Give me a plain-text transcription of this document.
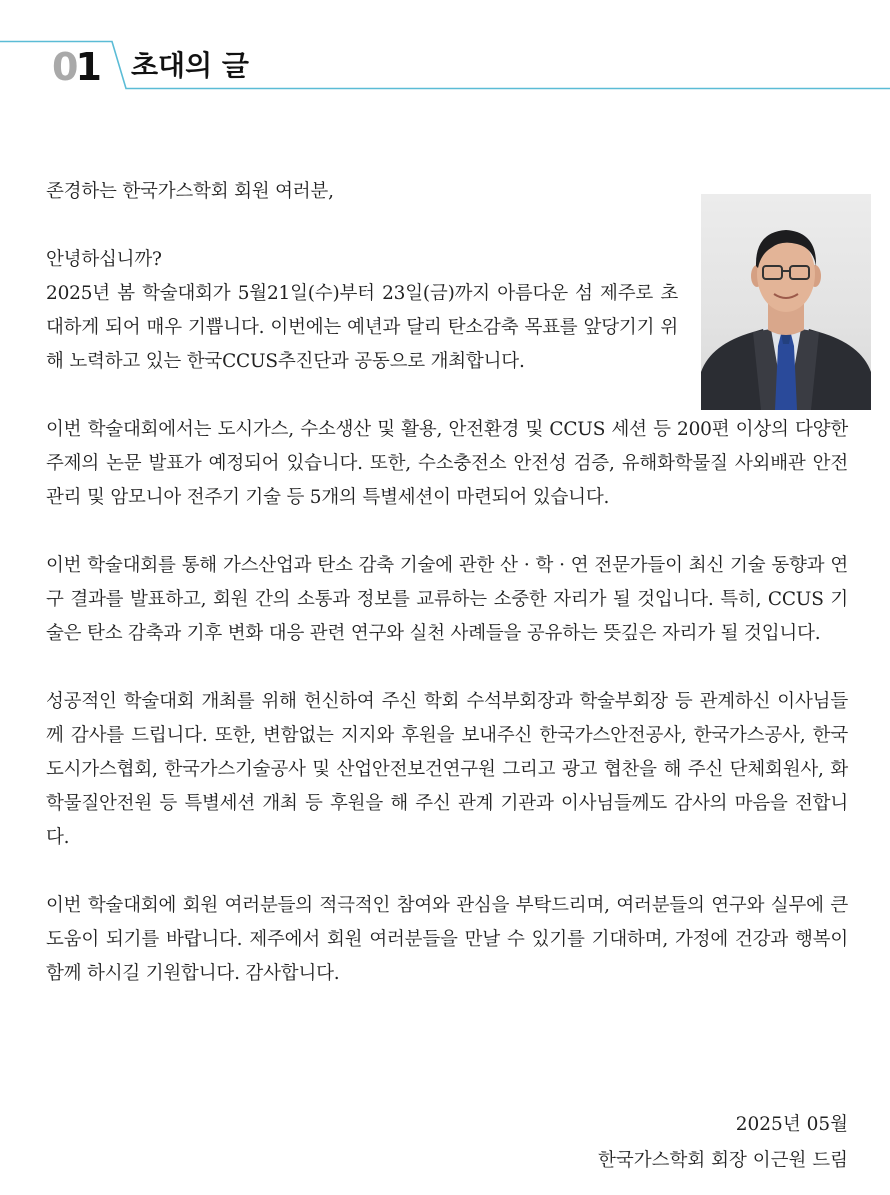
01 초대의 글

존경하는 한국가스학회 회원 여러분,

안녕하십니까?

2025년 봄 학술대회가 5월21일(수)부터 23일(금)까지 아름다운 섬 제주로 초대하게 되어 매우 기쁩니다. 이번에는 예년과 달리 탄소감축 목표를 앞당기기 위해 노력하고 있는 한국CCUS추진단과 공동으로 개최합니다.

이번 학술대회에서는 도시가스, 수소생산 및 활용, 안전환경 및 CCUS 세션 등 200편 이상의 다양한 주제의 논문 발표가 예정되어 있습니다. 또한, 수소충전소 안전성 검증, 유해화학물질 사외배관 안전관리 및 암모니아 전주기 기술 등 5개의 특별세션이 마련되어 있습니다.

이번 학술대회를 통해 가스산업과 탄소 감축 기술에 관한 산 · 학 · 연 전문가들이 최신 기술 동향과 연구 결과를 발표하고, 회원 간의 소통과 정보를 교류하는 소중한 자리가 될 것입니다. 특히, CCUS 기술은 탄소 감축과 기후 변화 대응 관련 연구와 실천 사례들을 공유하는 뜻깊은 자리가 될 것입니다.

성공적인 학술대회 개최를 위해 헌신하여 주신 학회 수석부회장과 학술부회장 등 관계하신 이사님들께 감사를 드립니다. 또한, 변함없는 지지와 후원을 보내주신 한국가스안전공사, 한국가스공사, 한국도시가스협회, 한국가스기술공사 및 산업안전보건연구원 그리고 광고 협찬을 해 주신 단체회원사, 화학물질안전원 등 특별세션 개최 등 후원을 해 주신 관계 기관과 이사님들께도 감사의 마음을 전합니다.

이번 학술대회에 회원 여러분들의 적극적인 참여와 관심을 부탁드리며, 여러분들의 연구와 실무에 큰 도움이 되기를 바랍니다. 제주에서 회원 여러분들을 만날 수 있기를 기대하며, 가정에 건강과 행복이 함께 하시길 기원합니다. 감사합니다.

2025년 05월
한국가스학회 회장 이근원 드림
